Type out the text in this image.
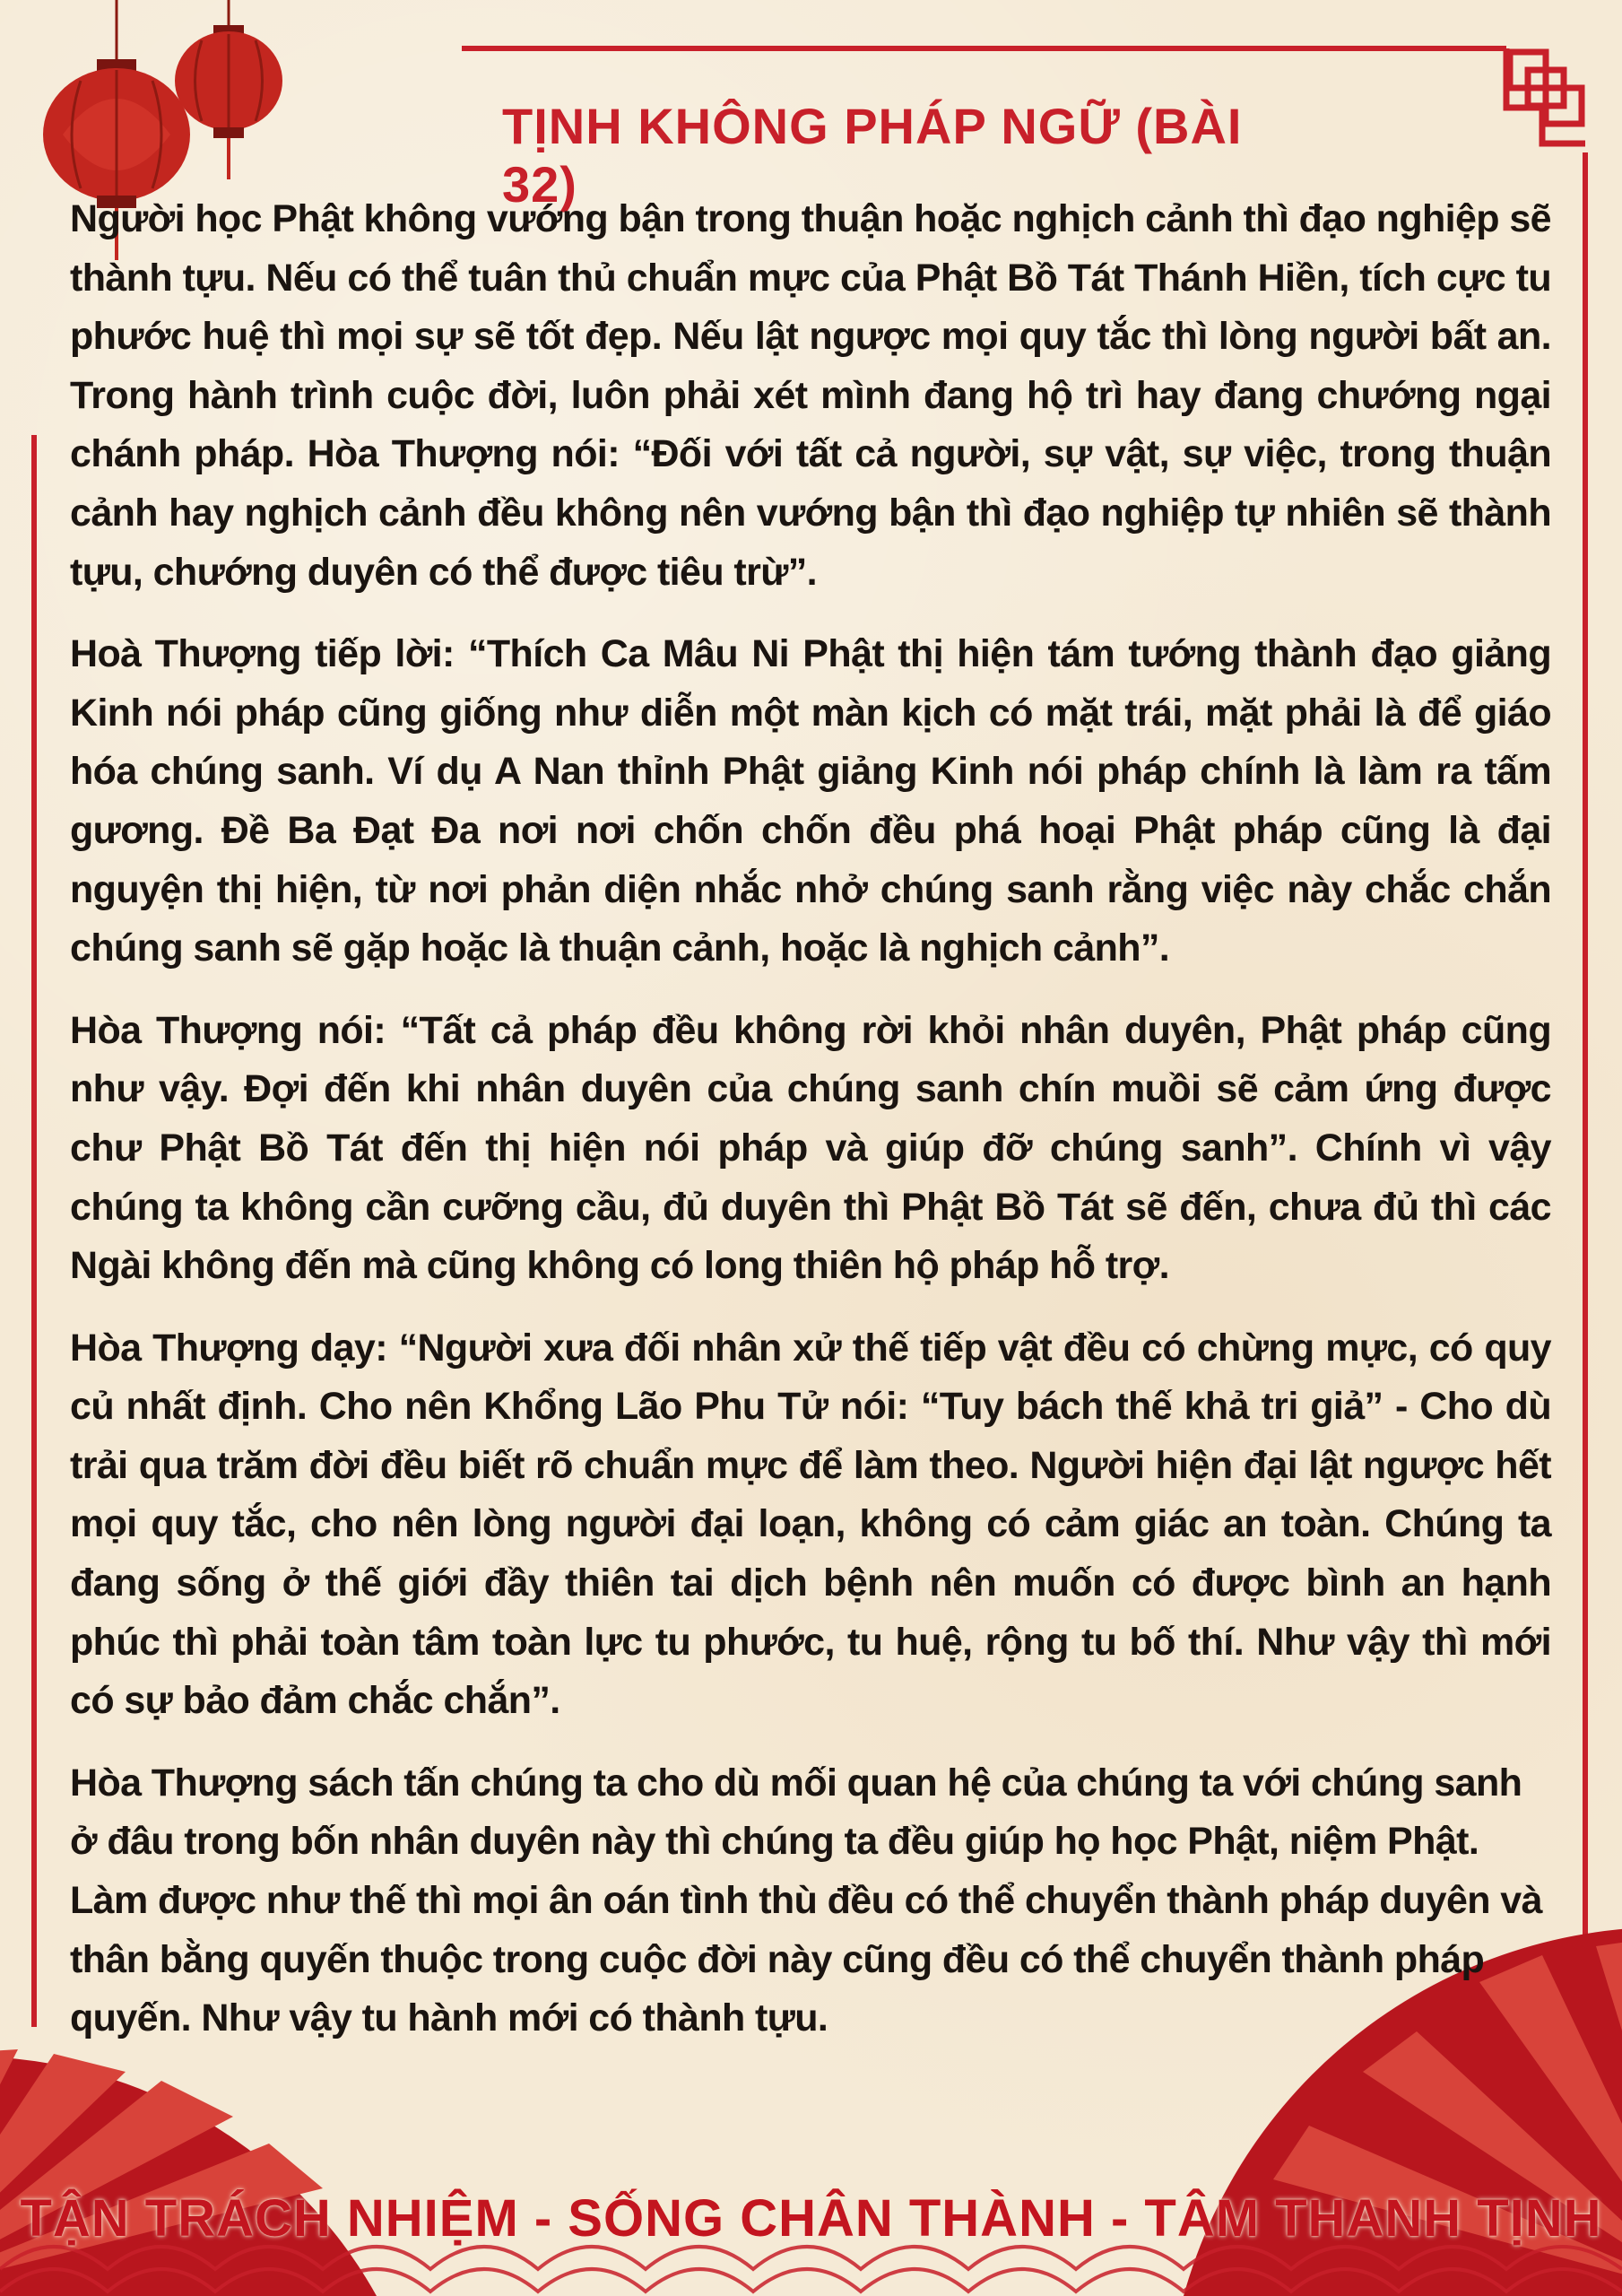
TỊNH KHÔNG PHÁP NGỮ (BÀI 32)

Người học Phật không vướng bận trong thuận hoặc nghịch cảnh thì đạo nghiệp sẽ thành tựu. Nếu có thể tuân thủ chuẩn mực của Phật Bồ Tát Thánh Hiền, tích cực tu phước huệ thì mọi sự sẽ tốt đẹp. Nếu lật ngược mọi quy tắc thì lòng người bất an. Trong hành trình cuộc đời, luôn phải xét mình đang hộ trì hay đang chướng ngại chánh pháp. Hòa Thượng nói: “Đối với tất cả người, sự vật, sự việc, trong thuận cảnh hay nghịch cảnh đều không nên vướng bận thì đạo nghiệp tự nhiên sẽ thành tựu, chướng duyên có thể được tiêu trừ”.

Hoà Thượng tiếp lời: “Thích Ca Mâu Ni Phật thị hiện tám tướng thành đạo giảng Kinh nói pháp cũng giống như diễn một màn kịch có mặt trái, mặt phải là để giáo hóa chúng sanh. Ví dụ A Nan thỉnh Phật giảng Kinh nói pháp chính là làm ra tấm gương. Đề Ba Đạt Đa nơi nơi chốn chốn đều phá hoại Phật pháp cũng là đại nguyện thị hiện, từ nơi phản diện nhắc nhở chúng sanh rằng việc này chắc chắn chúng sanh sẽ gặp hoặc là thuận cảnh, hoặc là nghịch cảnh”.

Hòa Thượng nói: “Tất cả pháp đều không rời khỏi nhân duyên, Phật pháp cũng như vậy. Đợi đến khi nhân duyên của chúng sanh chín muồi sẽ cảm ứng được chư Phật Bồ Tát đến thị hiện nói pháp và giúp đỡ chúng sanh”. Chính vì vậy chúng ta không cần cưỡng cầu, đủ duyên thì Phật Bồ Tát sẽ đến, chưa đủ thì các Ngài không đến mà cũng không có long thiên hộ pháp hỗ trợ.

Hòa Thượng dạy: “Người xưa đối nhân xử thế tiếp vật đều có chừng mực, có quy củ nhất định. Cho nên Khổng Lão Phu Tử nói: “Tuy bách thế khả tri giả” - Cho dù trải qua trăm đời đều biết rõ chuẩn mực để làm theo. Người hiện đại lật ngược hết mọi quy tắc, cho nên lòng người đại loạn, không có cảm giác an toàn. Chúng ta đang sống ở thế giới đầy thiên tai dịch bệnh nên muốn có được bình an hạnh phúc thì phải toàn tâm toàn lực tu phước, tu huệ, rộng tu bố thí. Như vậy thì mới có sự bảo đảm chắc chắn”.

Hòa Thượng sách tấn chúng ta cho dù mối quan hệ của chúng ta với chúng sanh ở đâu trong bốn nhân duyên này thì chúng ta đều giúp họ học Phật, niệm Phật. Làm được như thế thì mọi ân oán tình thù đều có thể chuyển thành pháp duyên và thân bằng quyến thuộc trong cuộc đời này cũng đều có thể chuyển thành pháp quyến. Như vậy tu hành mới có thành tựu.

TẬN TRÁCH NHIỆM - SỐNG CHÂN THÀNH - TÂM THANH TỊNH
